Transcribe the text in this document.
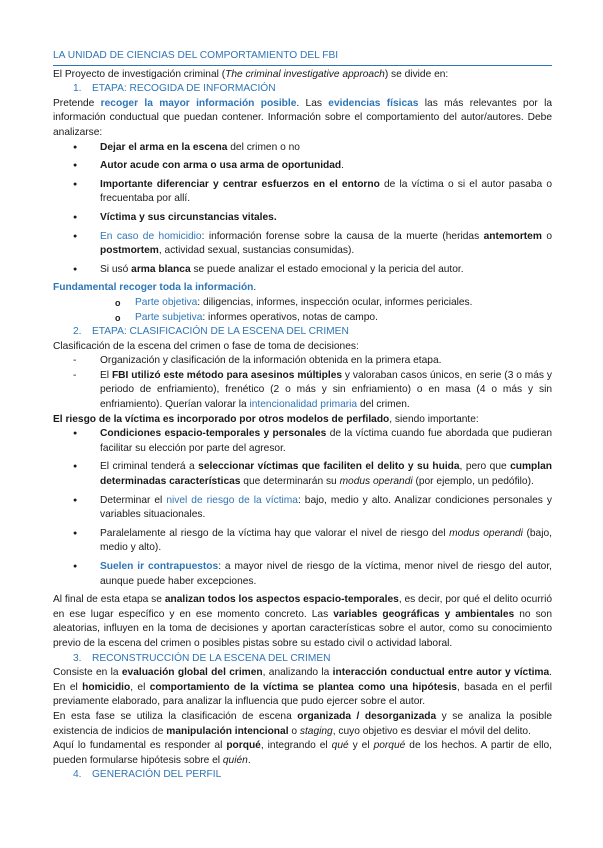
LA UNIDAD DE CIENCIAS DEL COMPORTAMIENTO DEL FBI

El Proyecto de investigación criminal (The criminal investigative approach) se divide en:

1. ETAPA: RECOGIDA DE INFORMACIÓN

Pretende recoger la mayor información posible. Las evidencias físicas las más relevantes por la información conductual que puedan contener. Información sobre el comportamiento del autor/autores. Debe analizarse:

● Dejar el arma en la escena del crimen o no
● Autor acude con arma o usa arma de oportunidad.
● Importante diferenciar y centrar esfuerzos en el entorno de la víctima o si el autor pasaba o frecuentaba por allí.
● Víctima y sus circunstancias vitales.
● En caso de homicidio: información forense sobre la causa de la muerte (heridas antemortem o postmortem, actividad sexual, sustancias consumidas).
● Si usó arma blanca se puede analizar el estado emocional y la pericia del autor.

Fundamental recoger toda la información.

o Parte objetiva: diligencias, informes, inspección ocular, informes periciales.
o Parte subjetiva: informes operativos, notas de campo.
2. ETAPA: CLASIFICACIÓN DE LA ESCENA DEL CRIMEN

Clasificación de la escena del crimen o fase de toma de decisiones:

- Organización y clasificación de la información obtenida en la primera etapa.
- El FBI utilizó este método para asesinos múltiples y valoraban casos únicos, en serie (3 o más y periodo de enfriamiento), frenético (2 o más y sin enfriamiento) o en masa (4 o más y sin enfriamiento). Querían valorar la intencionalidad primaria del crimen.

El riesgo de la víctima es incorporado por otros modelos de perfilado, siendo importante:

● Condiciones espacio-temporales y personales de la víctima cuando fue abordada que pudieran facilitar su elección por parte del agresor.
● El criminal tenderá a seleccionar víctimas que faciliten el delito y su huida, pero que cumplan determinadas características que determinarán su modus operandi (por ejemplo, un pedófilo).
● Determinar el nivel de riesgo de la víctima: bajo, medio y alto. Analizar condiciones personales y variables situacionales.
● Paralelamente al riesgo de la víctima hay que valorar el nivel de riesgo del modus operandi (bajo, medio y alto).
● Suelen ir contrapuestos: a mayor nivel de riesgo de la víctima, menor nivel de riesgo del autor, aunque puede haber excepciones.

Al final de esta etapa se analizan todos los aspectos espacio-temporales, es decir, por qué el delito ocurrió en ese lugar específico y en ese momento concreto. Las variables geográficas y ambientales no son aleatorias, influyen en la toma de decisiones y aportan características sobre el autor, como su conocimiento previo de la escena del crimen o posibles pistas sobre su estado civil o actividad laboral.

3. RECONSTRUCCIÓN DE LA ESCENA DEL CRIMEN

Consiste en la evaluación global del crimen, analizando la interacción conductual entre autor y víctima. En el homicidio, el comportamiento de la víctima se plantea como una hipótesis, basada en el perfil previamente elaborado, para analizar la influencia que pudo ejercer sobre el autor.

En esta fase se utiliza la clasificación de escena organizada / desorganizada y se analiza la posible existencia de indicios de manipulación intencional o staging, cuyo objetivo es desviar el móvil del delito.

Aquí lo fundamental es responder al porqué, integrando el qué y el porqué de los hechos. A partir de ello, pueden formularse hipótesis sobre el quién.

4. GENERACIÓN DEL PERFIL
